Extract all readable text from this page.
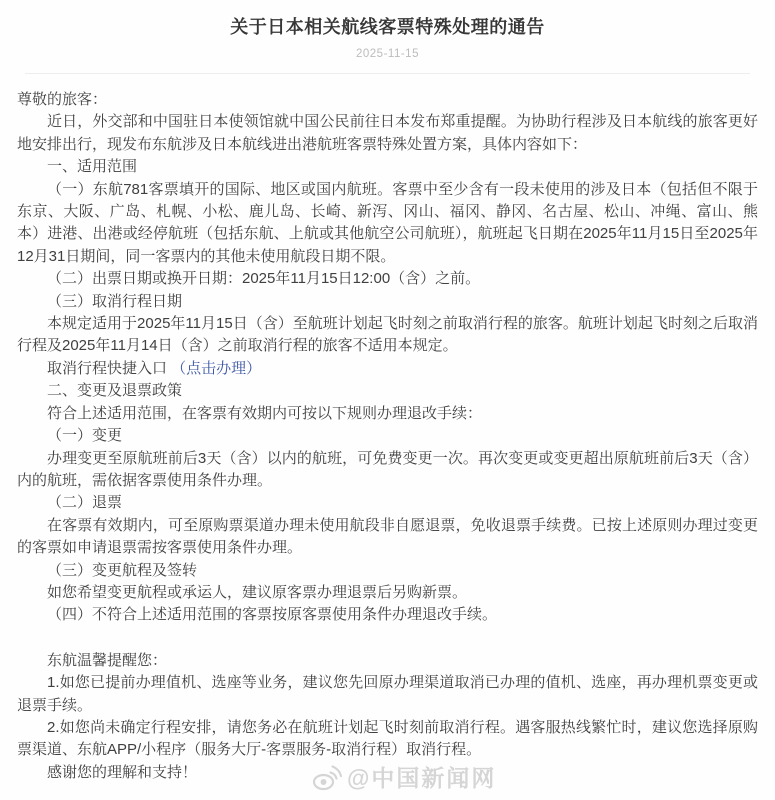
关于日本相关航线客票特殊处理的通告
2025-11-15

尊敬的旅客：

近日，外交部和中国驻日本使领馆就中国公民前往日本发布郑重提醒。为协助行程涉及日本航线的旅客更好地安排出行，现发布东航涉及日本航线进出港航班客票特殊处置方案，具体内容如下：

一、适用范围

（一）东航781客票填开的国际、地区或国内航班。客票中至少含有一段未使用的涉及日本（包括但不限于东京、大阪、广岛、札幌、小松、鹿儿岛、长崎、新泻、冈山、福冈、静冈、名古屋、松山、冲绳、富山、熊本）进港、出港或经停航班（包括东航、上航或其他航空公司航班），航班起飞日期在2025年11月15日至2025年12月31日期间，同一客票内的其他未使用航段日期不限。

（二）出票日期或换开日期：2025年11月15日12:00（含）之前。

（三）取消行程日期

本规定适用于2025年11月15日（含）至航班计划起飞时刻之前取消行程的旅客。航班计划起飞时刻之后取消行程及2025年11月14日（含）之前取消行程的旅客不适用本规定。

取消行程快捷入口 （点击办理）

二、变更及退票政策

符合上述适用范围，在客票有效期内可按以下规则办理退改手续：

（一）变更

办理变更至原航班前后3天（含）以内的航班，可免费变更一次。再次变更或变更超出原航班前后3天（含）内的航班，需依据客票使用条件办理。

（二）退票

在客票有效期内，可至原购票渠道办理未使用航段非自愿退票，免收退票手续费。已按上述原则办理过变更的客票如申请退票需按客票使用条件办理。

（三）变更航程及签转

如您希望变更航程或承运人，建议原客票办理退票后另购新票。

（四）不符合上述适用范围的客票按原客票使用条件办理退改手续。

东航温馨提醒您：

1.如您已提前办理值机、选座等业务，建议您先回原办理渠道取消已办理的值机、选座，再办理机票变更或退票手续。

2.如您尚未确定行程安排，请您务必在航班计划起飞时刻前取消行程。遇客服热线繁忙时，建议您选择原购票渠道、东航APP/小程序（服务大厅-客票服务-取消行程）取消行程。

感谢您的理解和支持！	@中国新闻网
